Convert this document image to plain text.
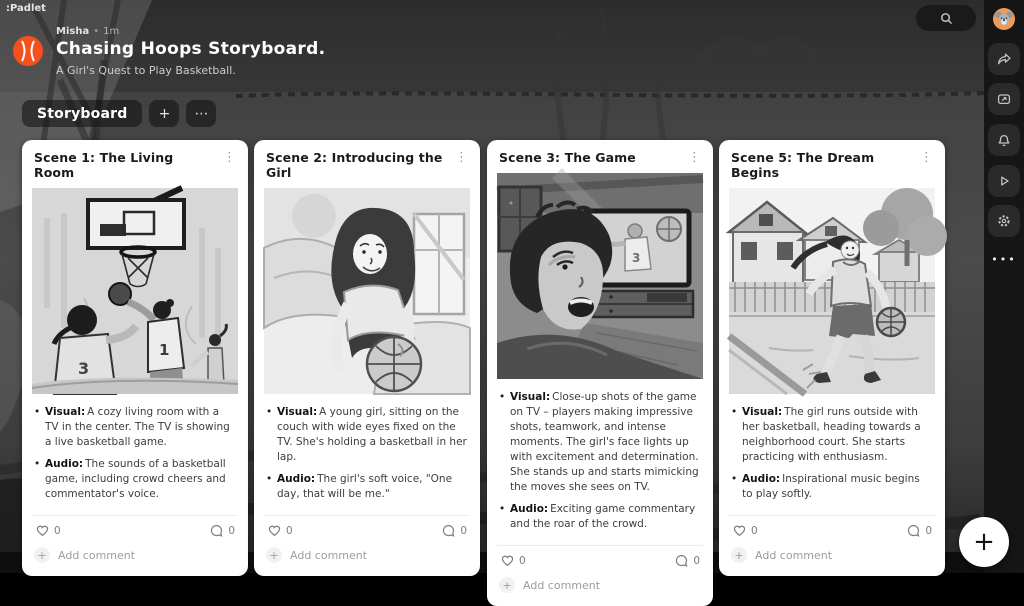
:Padlet
Misha • 1m
Chasing Hoops Storyboard.
A Girl's Quest to Play Basketball.
Storyboard	+	⋯
Scene 1: The Living Room
⋮
1
3
• Visual: A cozy living room with a TV in the center. The TV is showing a live basketball game.
• Audio: The sounds of a basketball game, including crowd cheers and commentator's voice.
0	0
+	Add comment
Scene 2: Introducing the Girl
⋮
• Visual: A young girl, sitting on the couch with wide eyes fixed on the TV. She's holding a basketball in her lap.
• Audio: The girl's soft voice, "One day, that will be me."
0	0
+	Add comment
Scene 3: The Game	⋮
3
• Visual: Close-up shots of the game on TV – players making impressive shots, teamwork, and intense moments. The girl's face lights up with excitement and determination. She stands up and starts mimicking the moves she sees on TV.
• Audio: Exciting game commentary and the roar of the crowd.
0	0
+	Add comment
Scene 5: The Dream Begins
⋮
• Visual: The girl runs outside with her basketball, heading towards a neighborhood court. She starts practicing with enthusiasm.
• Audio: Inspirational music begins to play softly.
0	0
+	Add comment
•••
+
